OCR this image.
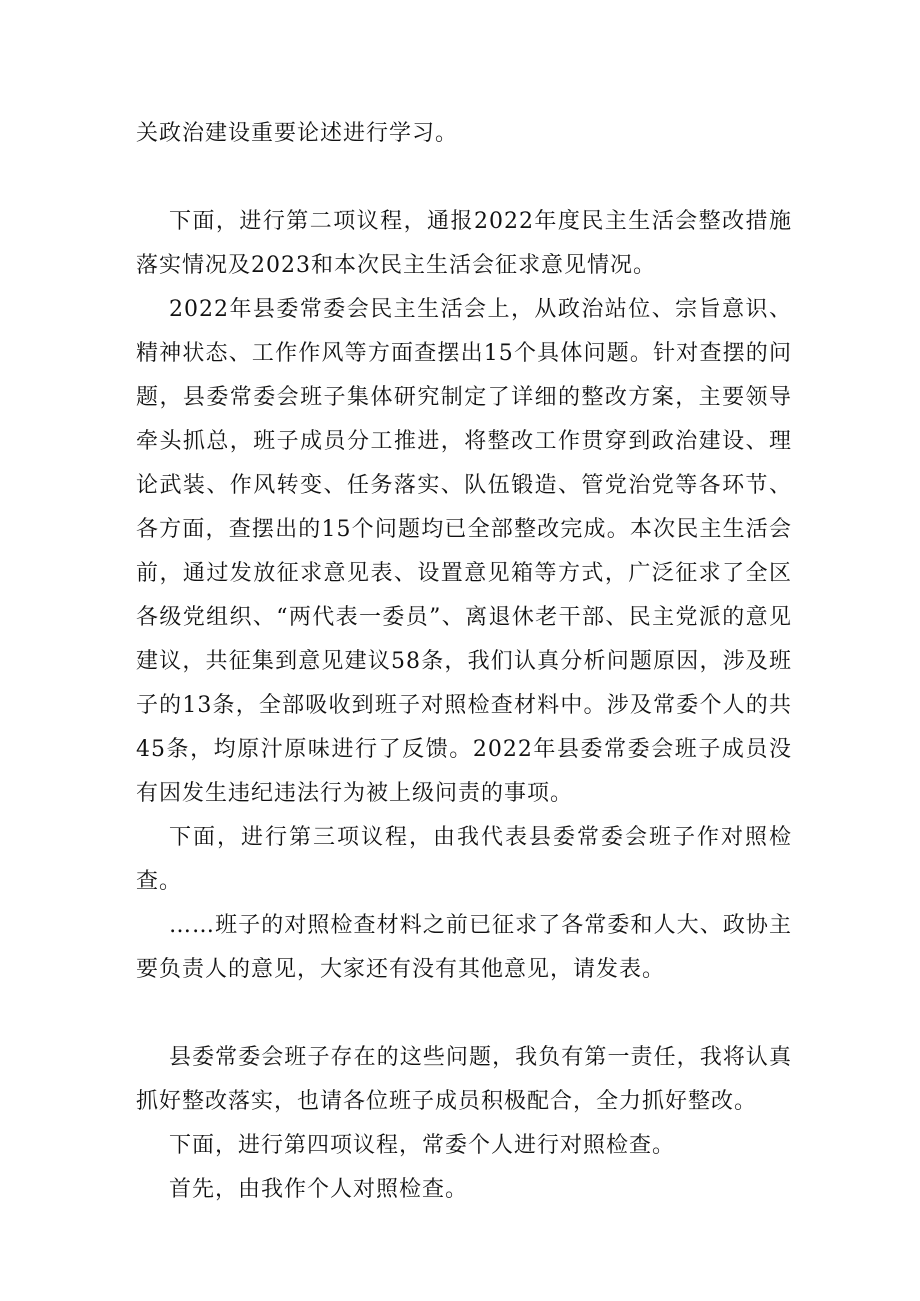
关政治建设重要论述进行学习。

下面，进行第二项议程，通报2022年度民主生活会整改措施落实情况及2023和本次民主生活会征求意见情况。

2022年县委常委会民主生活会上，从政治站位、宗旨意识、精神状态、工作作风等方面查摆出15个具体问题。针对查摆的问题，县委常委会班子集体研究制定了详细的整改方案，主要领导牵头抓总，班子成员分工推进，将整改工作贯穿到政治建设、理论武装、作风转变、任务落实、队伍锻造、管党治党等各环节、各方面，查摆出的15个问题均已全部整改完成。本次民主生活会前，通过发放征求意见表、设置意见箱等方式，广泛征求了全区各级党组织、“两代表一委员”、离退休老干部、民主党派的意见建议，共征集到意见建议58条，我们认真分析问题原因，涉及班子的13条，全部吸收到班子对照检查材料中。涉及常委个人的共45条，均原汁原味进行了反馈。2022年县委常委会班子成员没有因发生违纪违法行为被上级问责的事项。

下面，进行第三项议程，由我代表县委常委会班子作对照检查。

……班子的对照检查材料之前已征求了各常委和人大、政协主要负责人的意见，大家还有没有其他意见，请发表。

县委常委会班子存在的这些问题，我负有第一责任，我将认真抓好整改落实，也请各位班子成员积极配合，全力抓好整改。

下面，进行第四项议程，常委个人进行对照检查。

首先，由我作个人对照检查。
